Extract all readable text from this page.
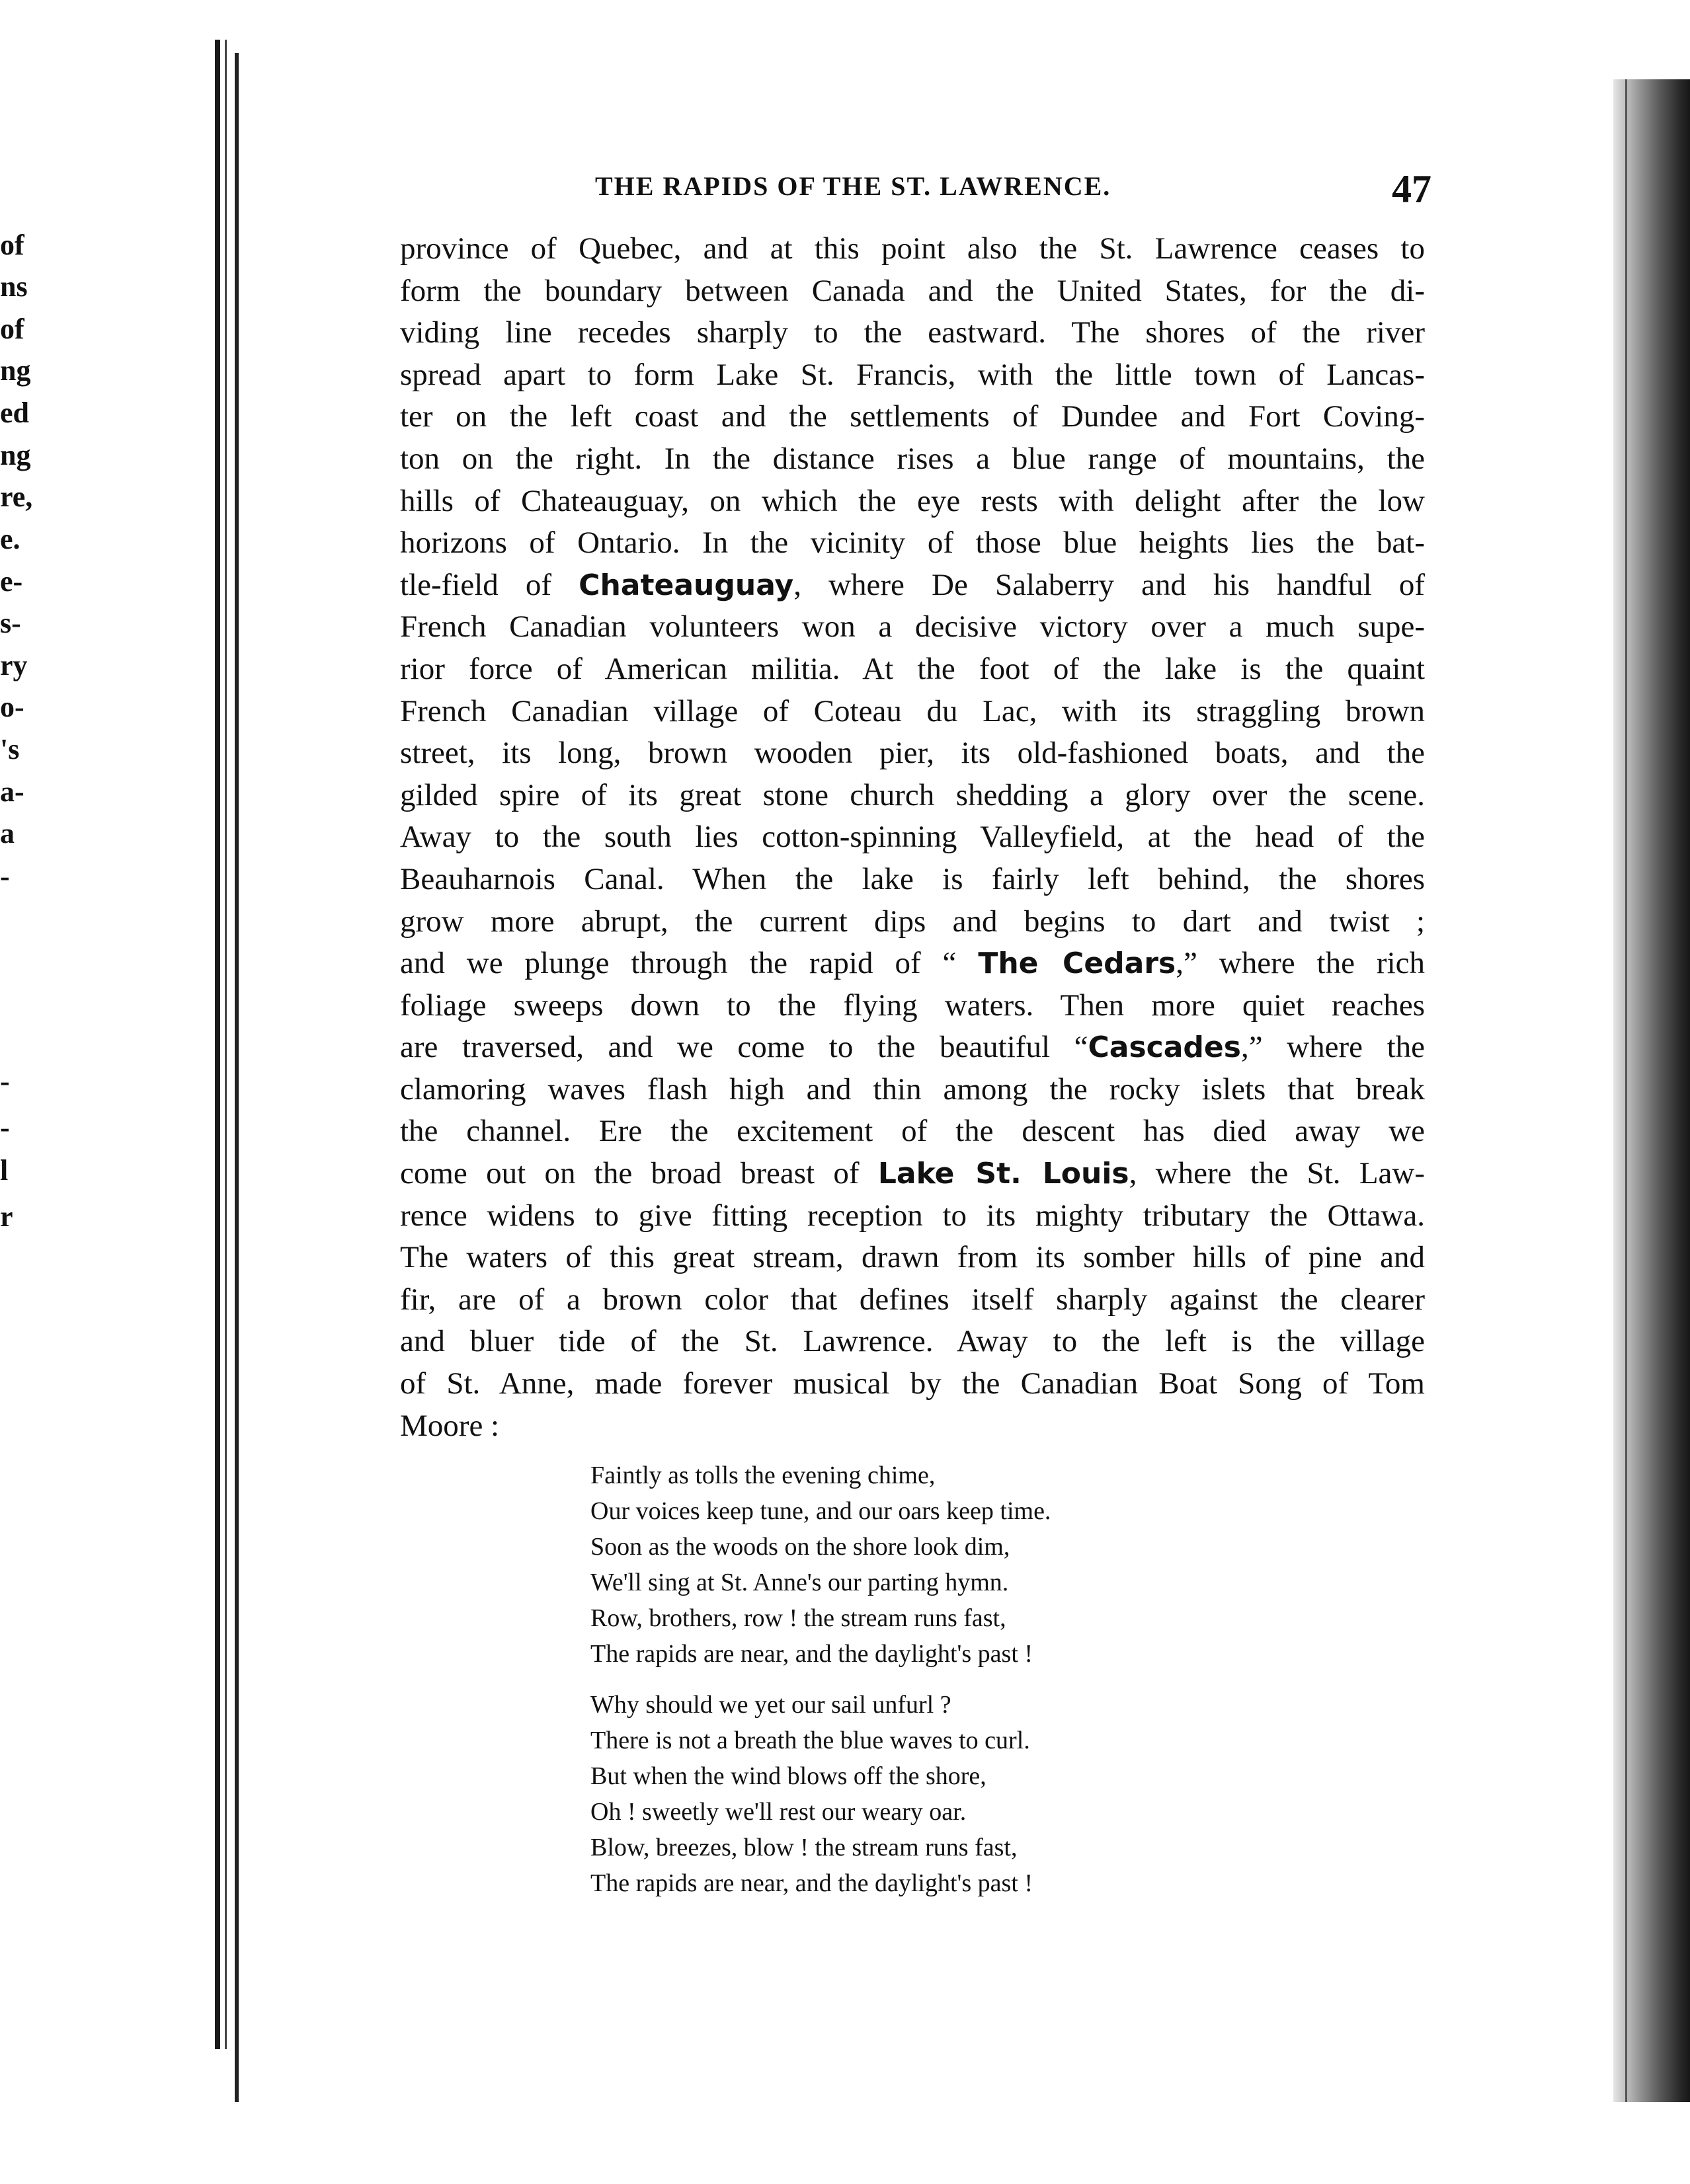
of
ns
of
ng
ed
ng
re,
e.
e-
s-
ry
o-
's
a-
a
-
-
-
l
r
THE RAPIDS OF THE ST. LAWRENCE.	47
province of Quebec, and at this point also the St. Lawrence ceases to
form the boundary between Canada and the United States, for the di-
viding line recedes sharply to the eastward. The shores of the river
spread apart to form Lake St. Francis, with the little town of Lancas-
ter on the left coast and the settlements of Dundee and Fort Coving-
ton on the right. In the distance rises a blue range of mountains, the
hills of Chateauguay, on which the eye rests with delight after the low
horizons of Ontario. In the vicinity of those blue heights lies the bat-
tle-field of Chateauguay, where De Salaberry and his handful of
French Canadian volunteers won a decisive victory over a much supe-
rior force of American militia. At the foot of the lake is the quaint
French Canadian village of Coteau du Lac, with its straggling brown
street, its long, brown wooden pier, its old-fashioned boats, and the
gilded spire of its great stone church shedding a glory over the scene.
Away to the south lies cotton-spinning Valleyfield, at the head of the
Beauharnois Canal. When the lake is fairly left behind, the shores
grow more abrupt, the current dips and begins to dart and twist ;
and we plunge through the rapid of “ The Cedars,” where the rich
foliage sweeps down to the flying waters. Then more quiet reaches
are traversed, and we come to the beautiful “Cascades,” where the
clamoring waves flash high and thin among the rocky islets that break
the channel. Ere the excitement of the descent has died away we
come out on the broad breast of Lake St. Louis, where the St. Law-
rence widens to give fitting reception to its mighty tributary the Ottawa.
The waters of this great stream, drawn from its somber hills of pine and
fir, are of a brown color that defines itself sharply against the clearer
and bluer tide of the St. Lawrence. Away to the left is the village
of St. Anne, made forever musical by the Canadian Boat Song of Tom
Moore :
Faintly as tolls the evening chime,
Our voices keep tune, and our oars keep time.
Soon as the woods on the shore look dim,
We'll sing at St. Anne's our parting hymn.
Row, brothers, row ! the stream runs fast,
The rapids are near, and the daylight's past !
Why should we yet our sail unfurl ?
There is not a breath the blue waves to curl.
But when the wind blows off the shore,
Oh ! sweetly we'll rest our weary oar.
Blow, breezes, blow ! the stream runs fast,
The rapids are near, and the daylight's past !
